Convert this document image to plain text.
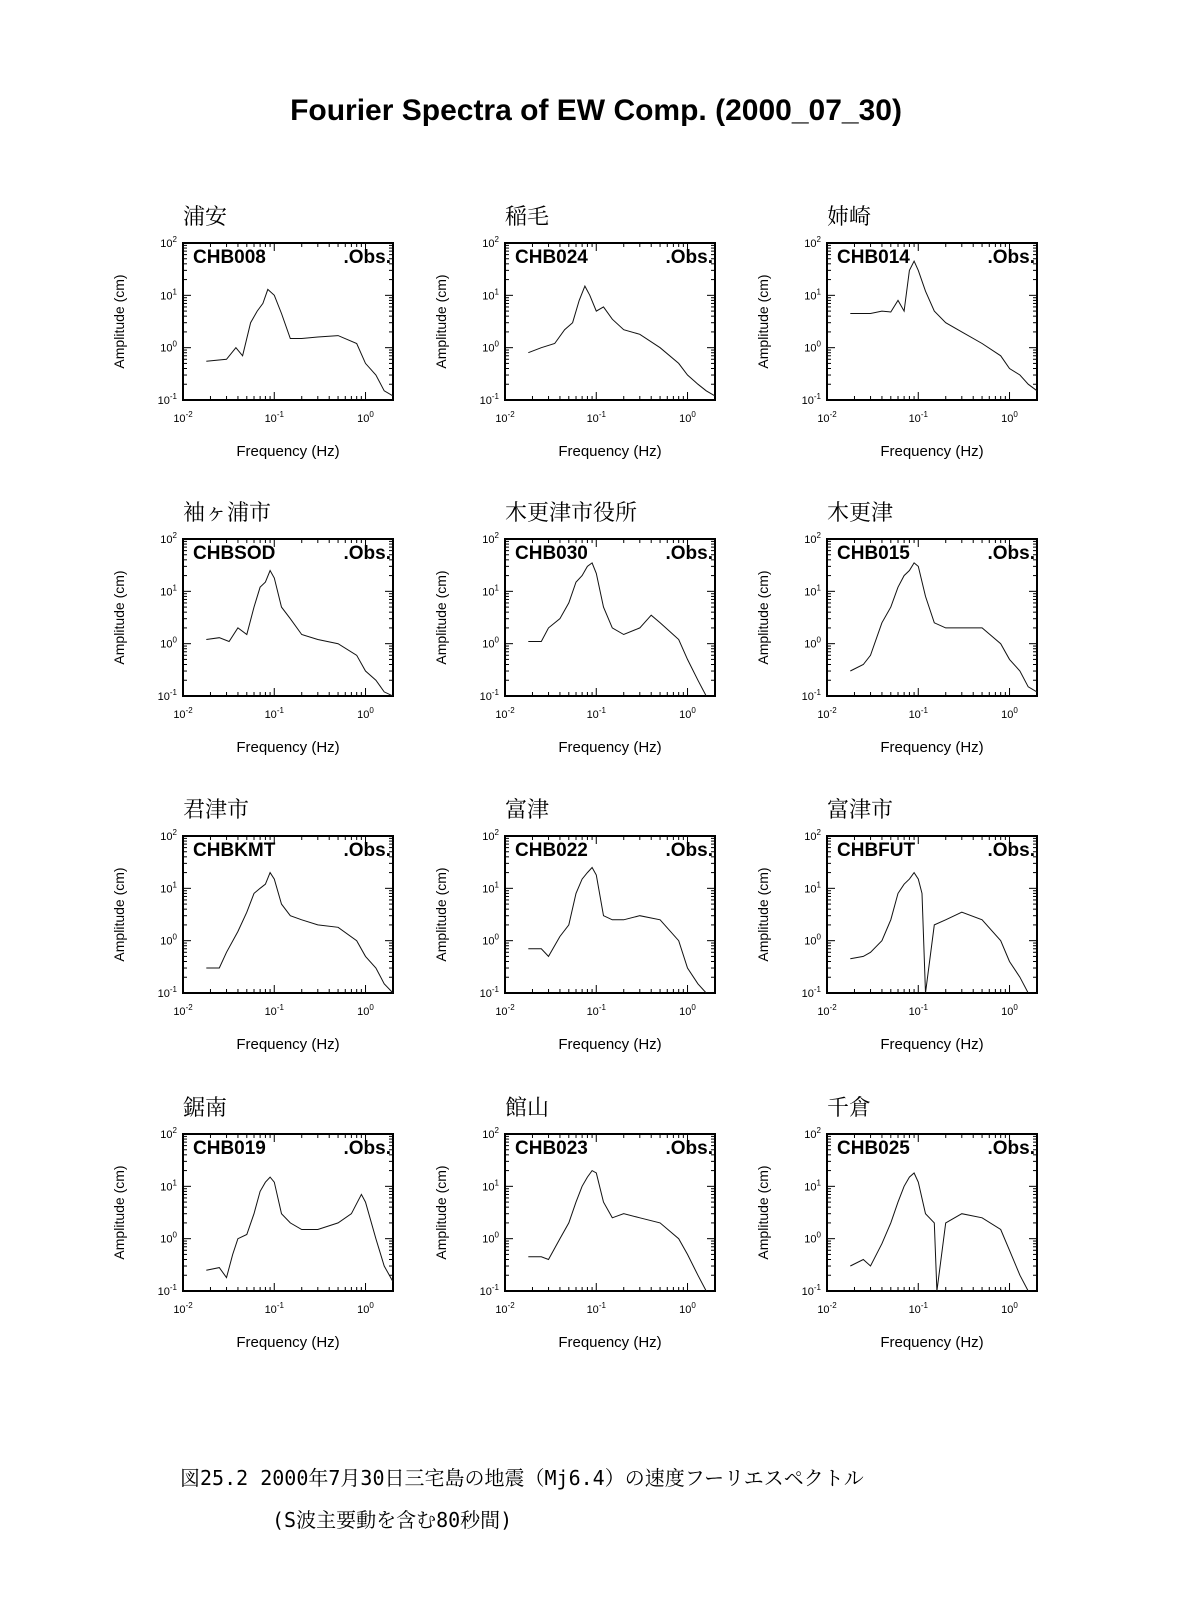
Fourier Spectra of EW Comp. (2000_07_30)
浦安
$10^{-2}$	$10^{-1}$	$10^0$
$10^{-1}$
$10^0$
$10^1$
$10^2$
Frequency (Hz)
Amplitude (cm)
CHB008	.Obs.
稲毛
$10^{-2}$	$10^{-1}$	$10^0$
$10^{-1}$
$10^0$
$10^1$
$10^2$
Frequency (Hz)
Amplitude (cm)
CHB024	.Obs.
姉崎
$10^{-2}$	$10^{-1}$	$10^0$
$10^{-1}$
$10^0$
$10^1$
$10^2$
Frequency (Hz)
Amplitude (cm)
CHB014	.Obs.
袖ヶ浦市
$10^{-2}$	$10^{-1}$	$10^0$
$10^{-1}$
$10^0$
$10^1$
$10^2$
Frequency (Hz)
Amplitude (cm)
CHBSOD	.Obs.
木更津市役所
$10^{-2}$	$10^{-1}$	$10^0$
$10^{-1}$
$10^0$
$10^1$
$10^2$
Frequency (Hz)
Amplitude (cm)
CHB030	.Obs.
木更津
$10^{-2}$	$10^{-1}$	$10^0$
$10^{-1}$
$10^0$
$10^1$
$10^2$
Frequency (Hz)
Amplitude (cm)
CHB015	.Obs.
君津市
$10^{-2}$	$10^{-1}$	$10^0$
$10^{-1}$
$10^0$
$10^1$
$10^2$
Frequency (Hz)
Amplitude (cm)
CHBKMT	.Obs.
富津
$10^{-2}$	$10^{-1}$	$10^0$
$10^{-1}$
$10^0$
$10^1$
$10^2$
Frequency (Hz)
Amplitude (cm)
CHB022	.Obs.
富津市
$10^{-2}$	$10^{-1}$	$10^0$
$10^{-1}$
$10^0$
$10^1$
$10^2$
Frequency (Hz)
Amplitude (cm)
CHBFUT	.Obs.
鋸南
$10^{-2}$	$10^{-1}$	$10^0$
$10^{-1}$
$10^0$
$10^1$
$10^2$
Frequency (Hz)
Amplitude (cm)
CHB019	.Obs.
館山
$10^{-2}$	$10^{-1}$	$10^0$
$10^{-1}$
$10^0$
$10^1$
$10^2$
Frequency (Hz)
Amplitude (cm)
CHB023	.Obs.
千倉
$10^{-2}$	$10^{-1}$	$10^0$
$10^{-1}$
$10^0$
$10^1$
$10^2$
Frequency (Hz)
Amplitude (cm)
CHB025	.Obs.
図25.2 2000年7月30日三宅島の地震（Mj6.4）の速度フーリエスペクトル
(S波主要動を含む80秒間)
